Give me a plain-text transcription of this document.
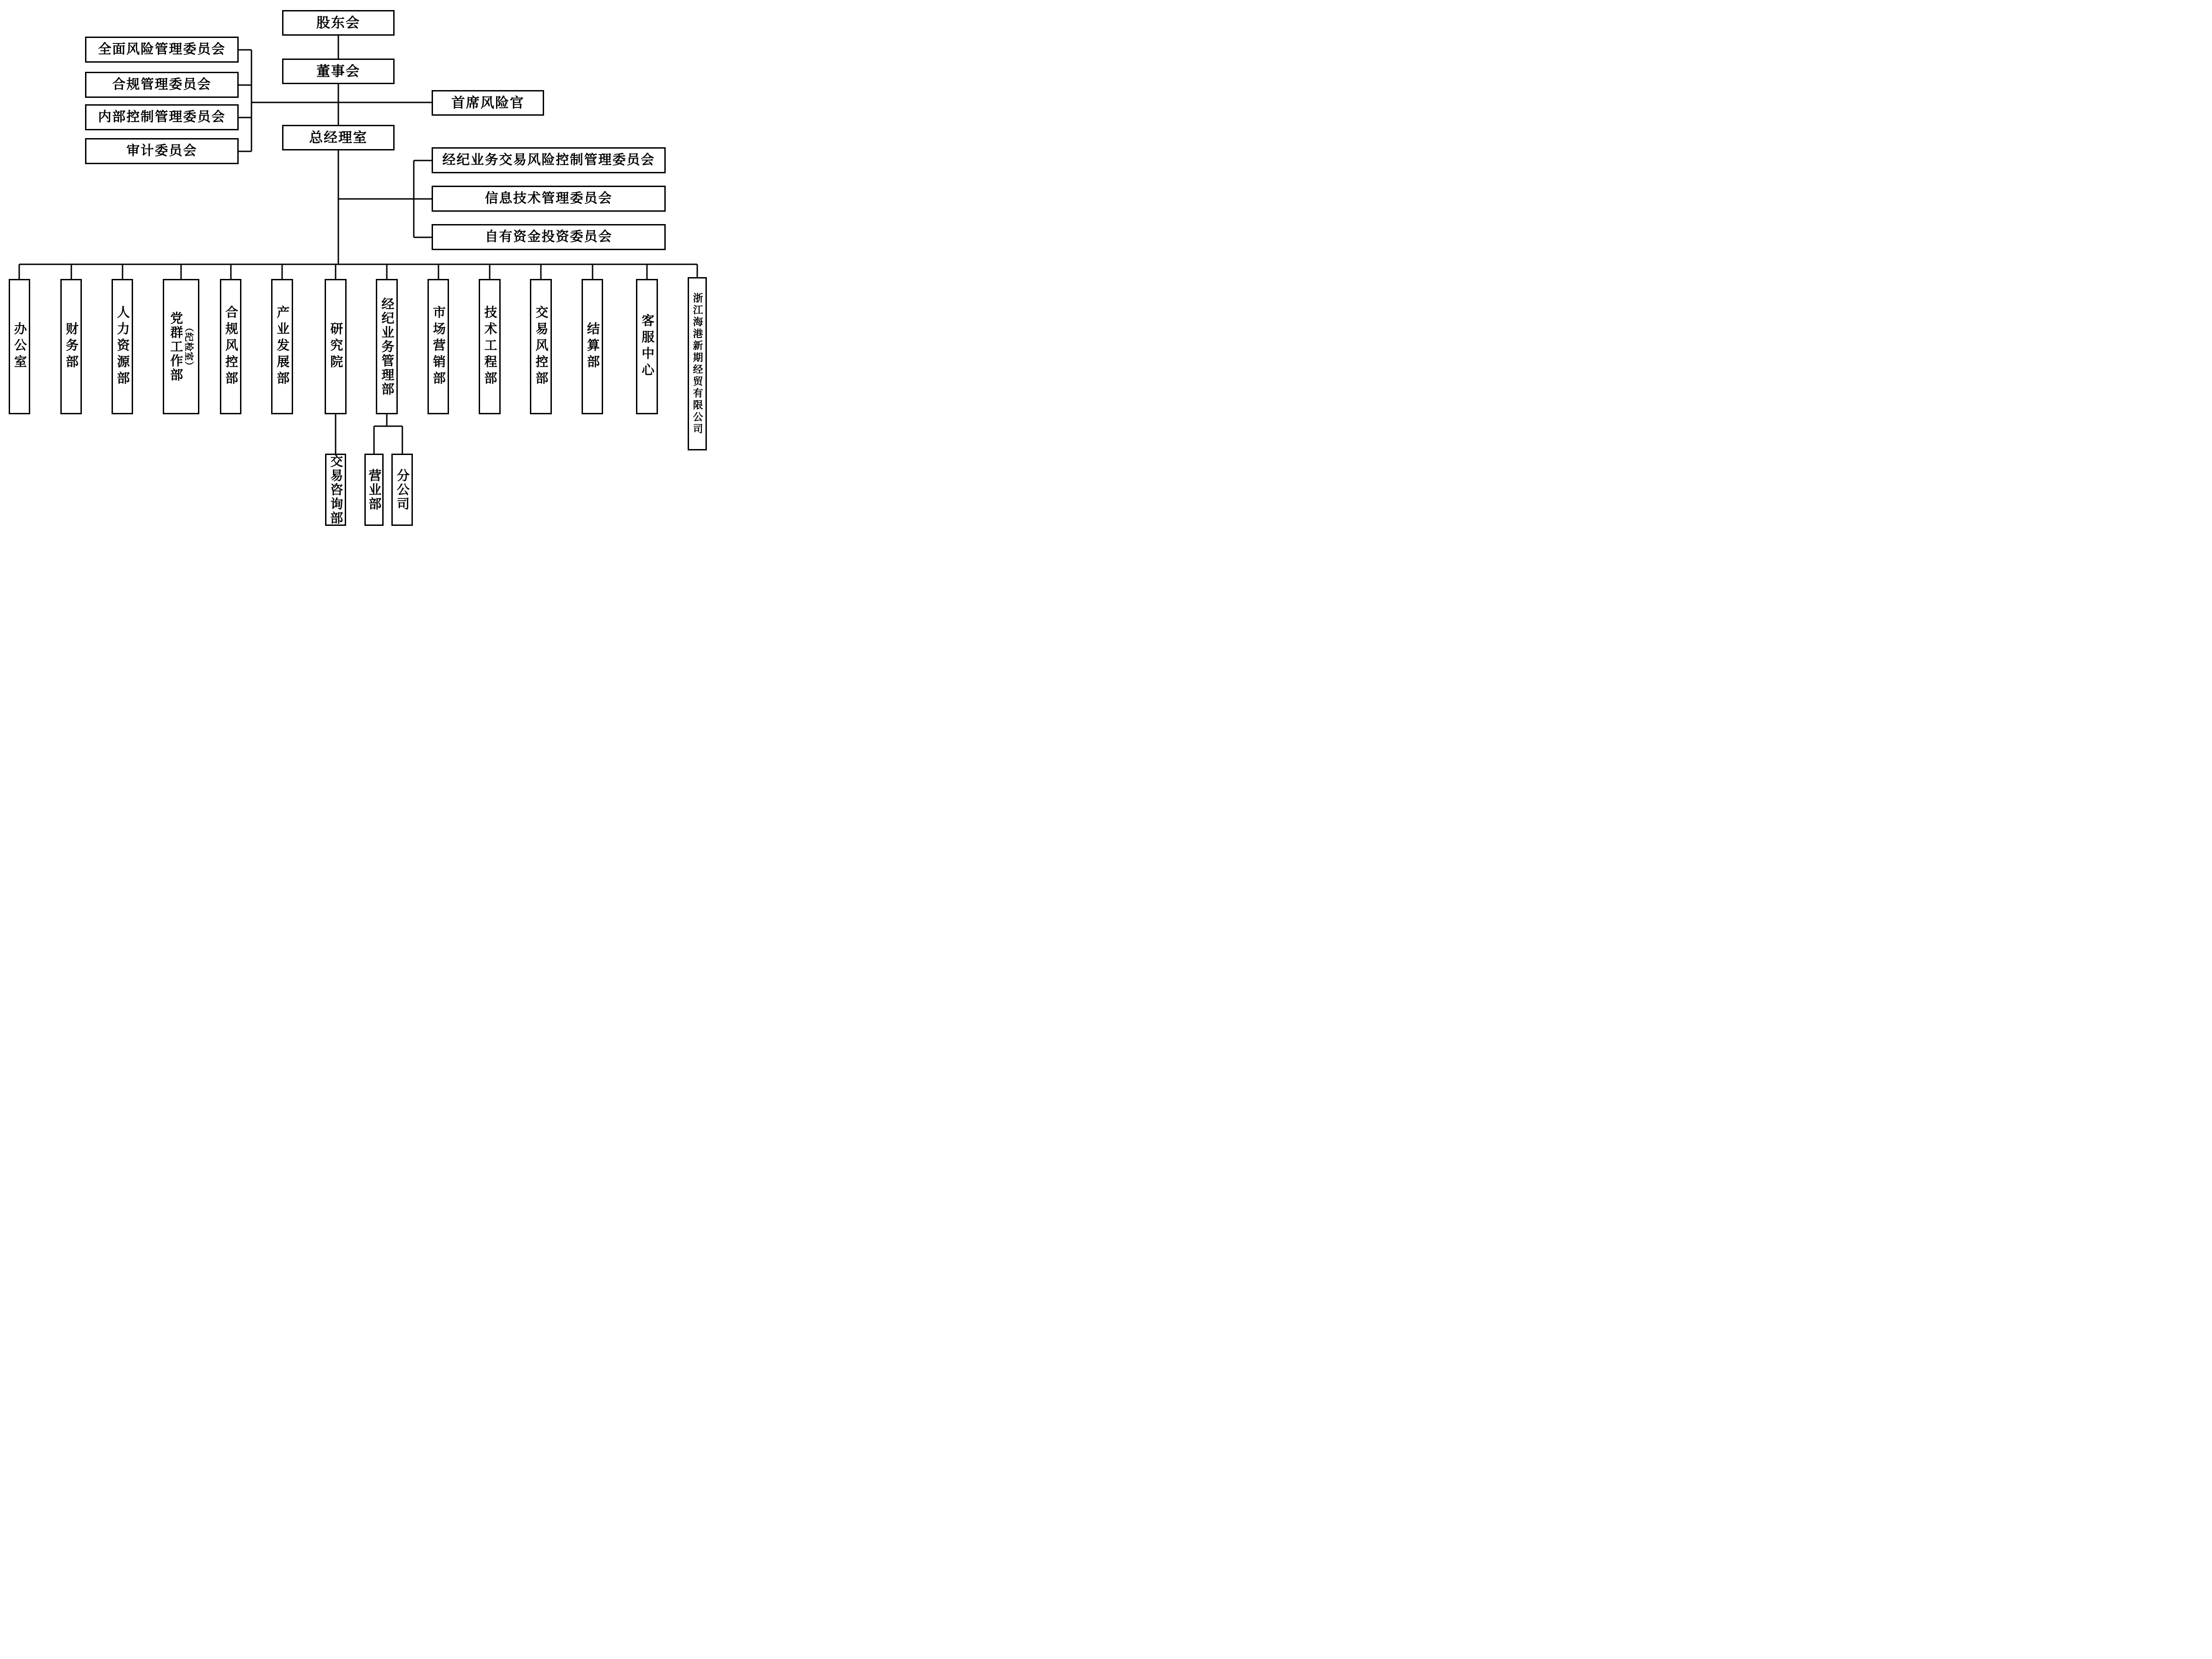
股东会
董事会
总经理室
全面风险管理委员会
合规管理委员会
内部控制管理委员会
审计委员会
首席风险官
经纪业务交易风险控制管理委员会
信息技术管理委员会
自有资金投资委员会
办公室	财务部	人力资源部	党群工作部 （纪检室） 合规风控部	产业发展部	研究院	经纪业务管理部	市场营销部	技术工程部	交易风控部	结算部	客服中心	浙江海港新期经贸有限公司
交易咨询部 营业部 分公司
